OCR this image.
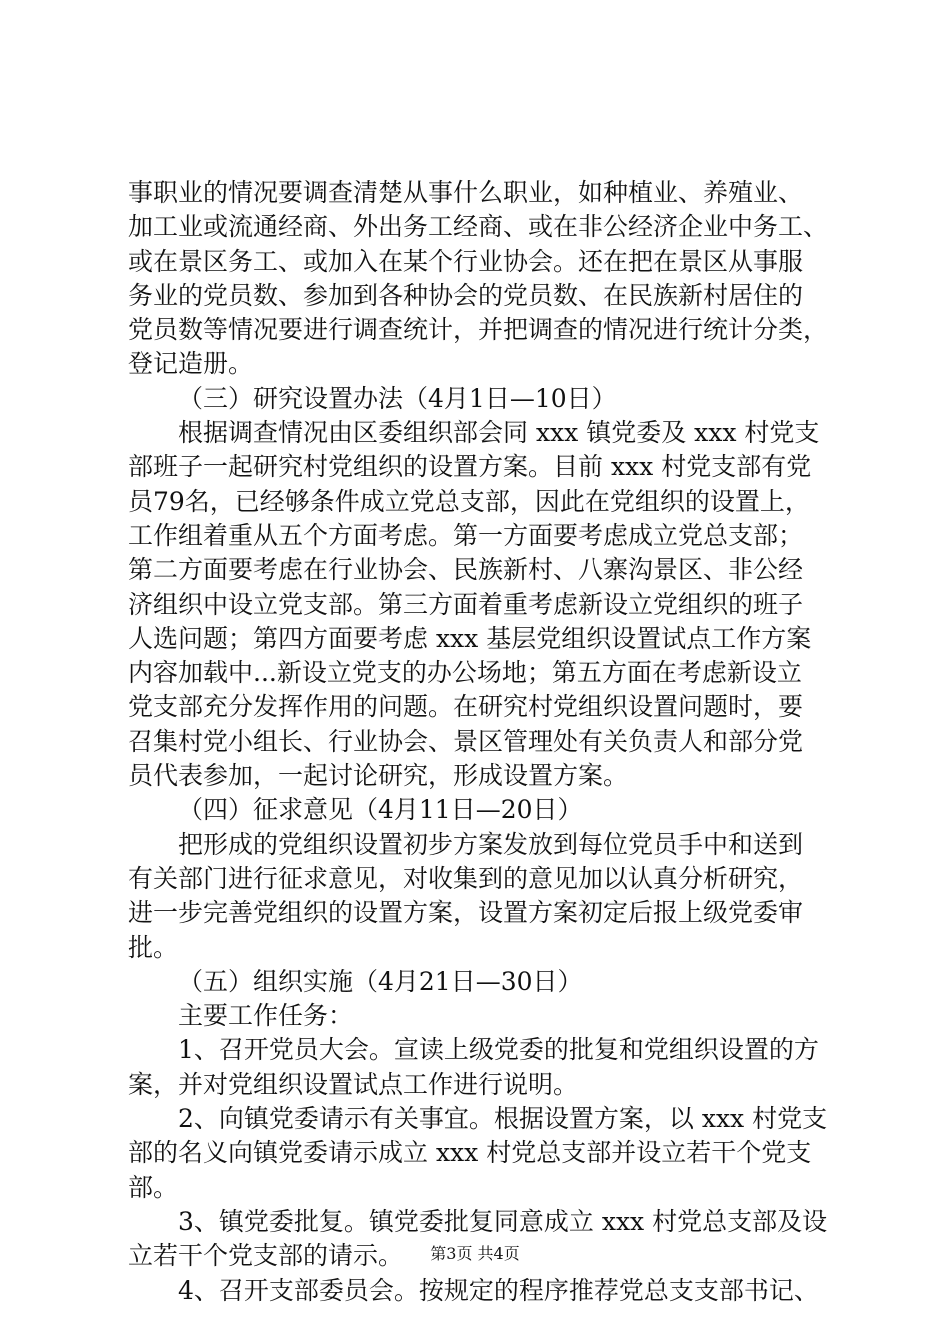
事职业的情况要调查清楚从事什么职业，如种植业、养殖业、
加工业或流通经商、外出务工经商、或在非公经济企业中务工、
或在景区务工、或加入在某个行业协会。还在把在景区从事服
务业的党员数、参加到各种协会的党员数、在民族新村居住的
党员数等情况要进行调查统计，并把调查的情况进行统计分类，
登记造册。
（三）研究设置办法（4月1日—10日）
根据调查情况由区委组织部会同 xxx 镇党委及 xxx 村党支
部班子一起研究村党组织的设置方案。目前 xxx 村党支部有党
员79名，已经够条件成立党总支部，因此在党组织的设置上，
工作组着重从五个方面考虑。第一方面要考虑成立党总支部；
第二方面要考虑在行业协会、民族新村、八寨沟景区、非公经
济组织中设立党支部。第三方面着重考虑新设立党组织的班子
人选问题；第四方面要考虑 xxx 基层党组织设置试点工作方案
内容加载中...新设立党支的办公场地；第五方面在考虑新设立
党支部充分发挥作用的问题。在研究村党组织设置问题时，要
召集村党小组长、行业协会、景区管理处有关负责人和部分党
员代表参加，一起讨论研究，形成设置方案。
（四）征求意见（4月11日—20日）
把形成的党组织设置初步方案发放到每位党员手中和送到
有关部门进行征求意见，对收集到的意见加以认真分析研究，
进一步完善党组织的设置方案，设置方案初定后报上级党委审
批。
（五）组织实施（4月21日—30日）
主要工作任务：
1、召开党员大会。宣读上级党委的批复和党组织设置的方
案，并对党组织设置试点工作进行说明。
2、向镇党委请示有关事宜。根据设置方案，以 xxx 村党支
部的名义向镇党委请示成立 xxx 村党总支部并设立若干个党支
部。
3、镇党委批复。镇党委批复同意成立 xxx 村党总支部及设
立若干个党支部的请示。
4、召开支部委员会。按规定的程序推荐党总支支部书记、
第3页 共4页
